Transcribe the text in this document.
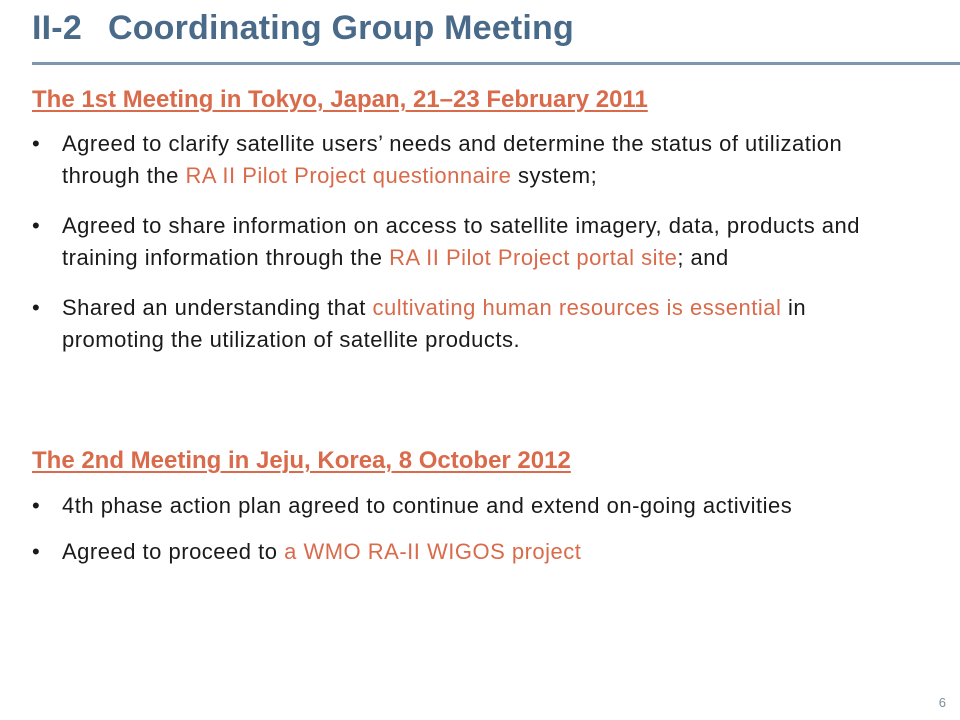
II-2 Coordinating Group Meeting
The 1st Meeting in Tokyo, Japan, 21–23 February 2011
• Agreed to clarify satellite users’ needs and determine the status of utilization through the RA II Pilot Project questionnaire system;
• Agreed to share information on access to satellite imagery, data, products and training information through the RA II Pilot Project portal site; and
• Shared an understanding that cultivating human resources is essential in promoting the utilization of satellite products.
The 2nd Meeting in Jeju, Korea, 8 October 2012
• 4th phase action plan agreed to continue and extend on-going activities
• Agreed to proceed to a WMO RA-II WIGOS project
6
